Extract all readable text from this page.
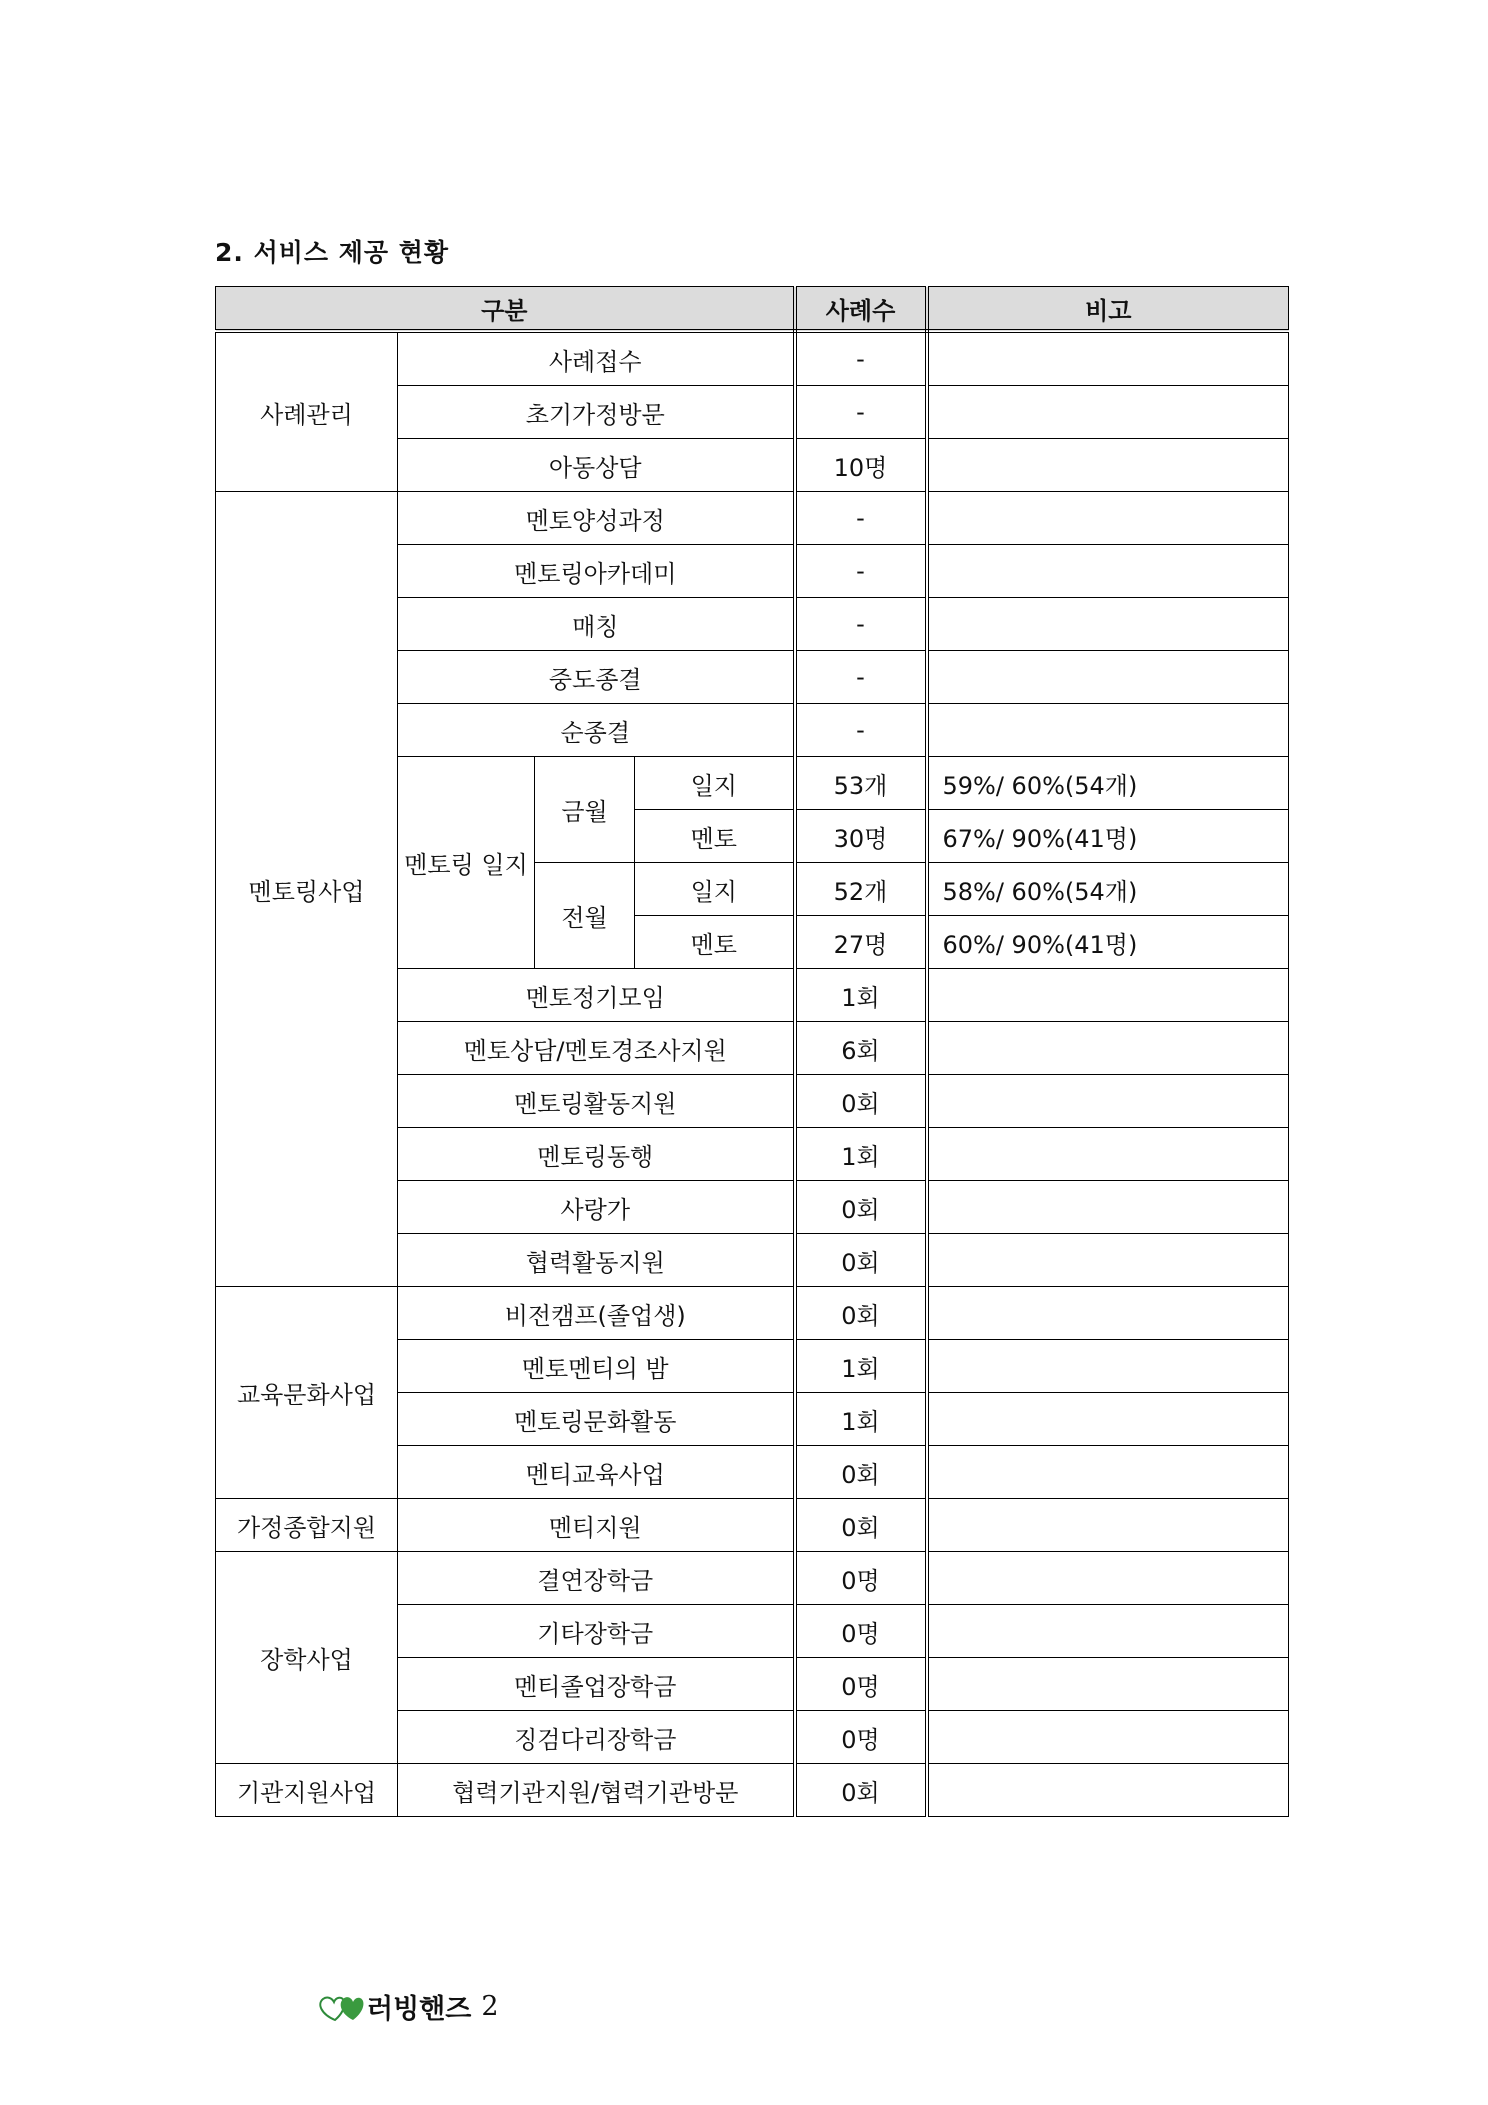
2. 서비스 제공 현황
구분				사례수	비고
사례관리	사례접수			-	
	초기가정방문			-	
	아동상담			10명	
멘토링사업	멘토양성과정			-	
	멘토링아카데미			-	
	매칭			-	
	중도종결			-	
	순종결			-	
	멘토링 일지	금월	일지	53개	59%/ 60%(54개)
			멘토	30명	67%/ 90%(41명)
		전월	일지	52개	58%/ 60%(54개)
			멘토	27명	60%/ 90%(41명)
	멘토정기모임			1회	
	멘토상담/멘토경조사지원			6회	
	멘토링활동지원			0회	
	멘토링동행			1회	
	사랑가			0회	
	협력활동지원			0회	
교육문화사업	비전캠프(졸업생)			0회	
	멘토멘티의 밤			1회	
	멘토링문화활동			1회	
	멘티교육사업			0회	
가정종합지원	멘티지원			0회	
장학사업	결연장학금			0명	
	기타장학금			0명	
	멘티졸업장학금			0명	
	징검다리장학금			0명	
기관지원사업	협력기관지원/협력기관방문			0회	
러빙핸즈 2
